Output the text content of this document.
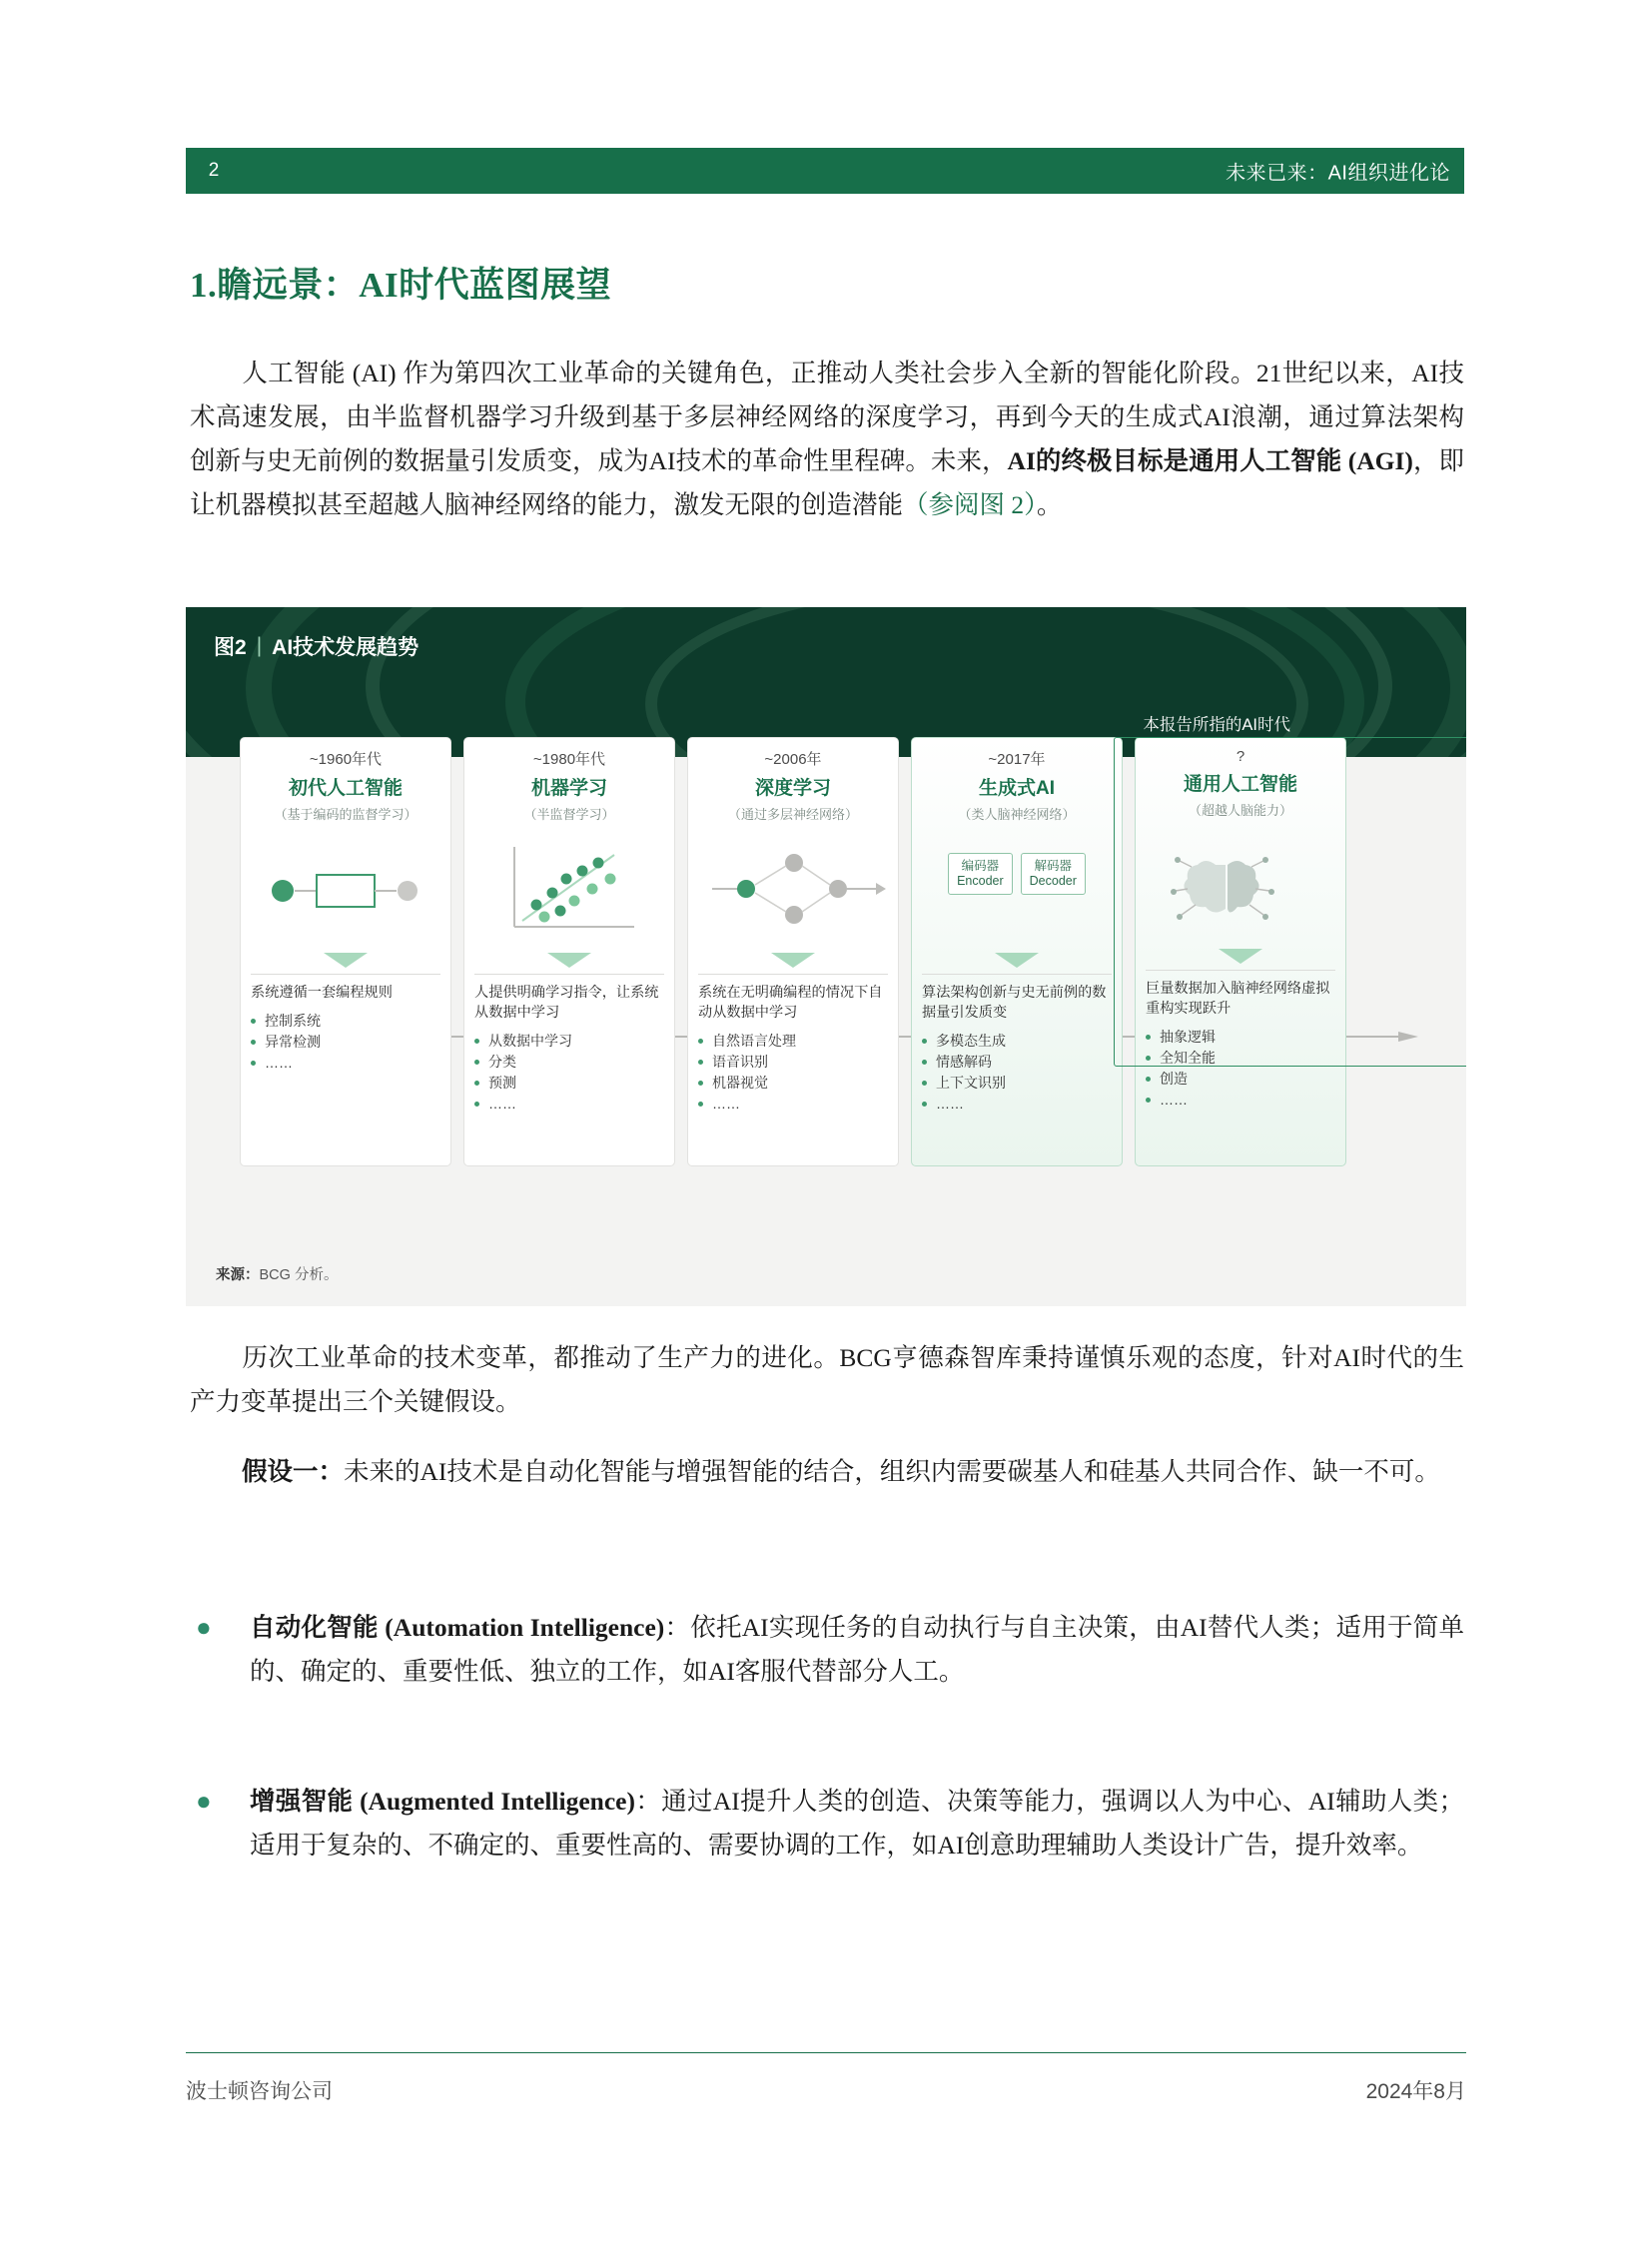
2	未来已来：AI组织进化论
1.瞻远景：AI时代蓝图展望
人工智能 (AI) 作为第四次工业革命的关键角色，正推动人类社会步入全新的智能化阶段。21世纪以来，AI技术高速发展，由半监督机器学习升级到基于多层神经网络的深度学习，再到今天的生成式AI浪潮，通过算法架构创新与史无前例的数据量引发质变，成为AI技术的革命性里程碑。未来，AI的终极目标是通用人工智能 (AGI)，即让机器模拟甚至超越人脑神经网络的能力，激发无限的创造潜能（参阅图 2）。
图2 | AI技术发展趋势
本报告所指的AI时代
~1960年代
初代人工智能
（基于编码的监督学习）
系统遵循一套编程规则
控制系统
异常检测
……
~1980年代
机器学习
（半监督学习）
人提供明确学习指令，让系统从数据中学习
从数据中学习
分类
预测
……
~2006年
深度学习
（通过多层神经网络）
系统在无明确编程的情况下自动从数据中学习
自然语言处理
语音识别
机器视觉
……
~2017年
生成式AI
（类人脑神经网络）
编码器
Encoder
解码器
Decoder
算法架构创新与史无前例的数据量引发质变
多模态生成
情感解码
上下文识别
……
?
通用人工智能
（超越人脑能力）
巨量数据加入脑神经网络虚拟重构实现跃升
抽象逻辑
全知全能
创造
……
来源：BCG 分析。
历次工业革命的技术变革，都推动了生产力的进化。BCG亨德森智库秉持谨慎乐观的态度，针对AI时代的生产力变革提出三个关键假设。
假设一：未来的AI技术是自动化智能与增强智能的结合，组织内需要碳基人和硅基人共同合作、缺一不可。
●	自动化智能 (Automation Intelligence)：依托AI实现任务的自动执行与自主决策，由AI替代人类；适用于简单的、确定的、重要性低、独立的工作，如AI客服代替部分人工。
●	增强智能 (Augmented Intelligence)：通过AI提升人类的创造、决策等能力，强调以人为中心、AI辅助人类；适用于复杂的、不确定的、重要性高的、需要协调的工作，如AI创意助理辅助人类设计广告，提升效率。
波士顿咨询公司	2024年8月
